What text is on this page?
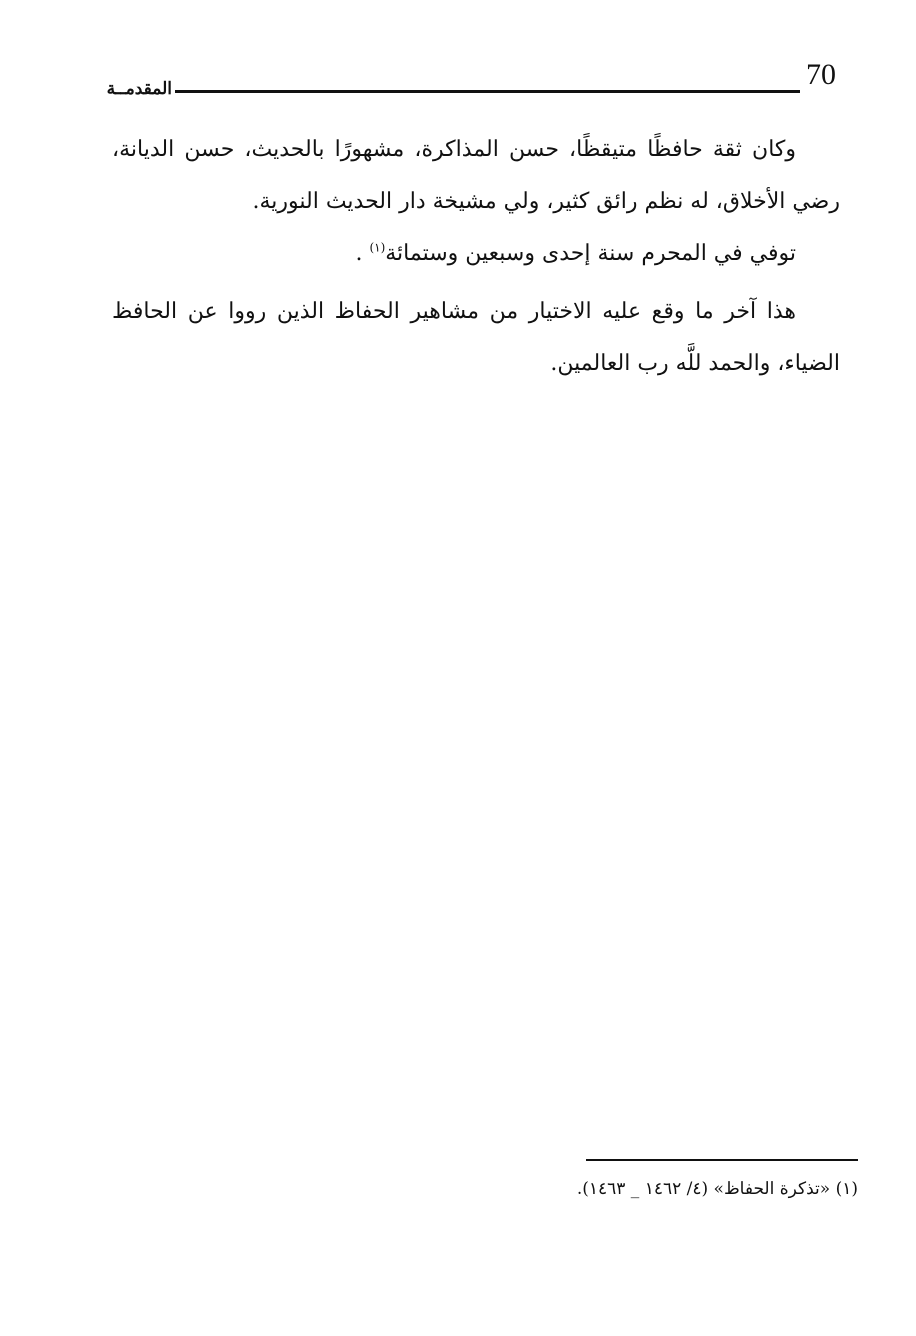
70
المقدمــة

وكان ثقة حافظًا متيقظًا، حسن المذاكرة، مشهورًا بالحديث، حسن الديانة، رضي الأخلاق، له نظم رائق كثير، ولي مشيخة دار الحديث النورية.

توفي في المحرم سنة إحدى وسبعين وستمائة$^{(١)}$ .

هذا آخر ما وقع عليه الاختيار من مشاهير الحفاظ الذين رووا عن الحافظ الضياء، والحمد للَّه رب العالمين.

(١) «تذكرة الحفاظ» (٤/ ١٤٦٢ _ ١٤٦٣).
